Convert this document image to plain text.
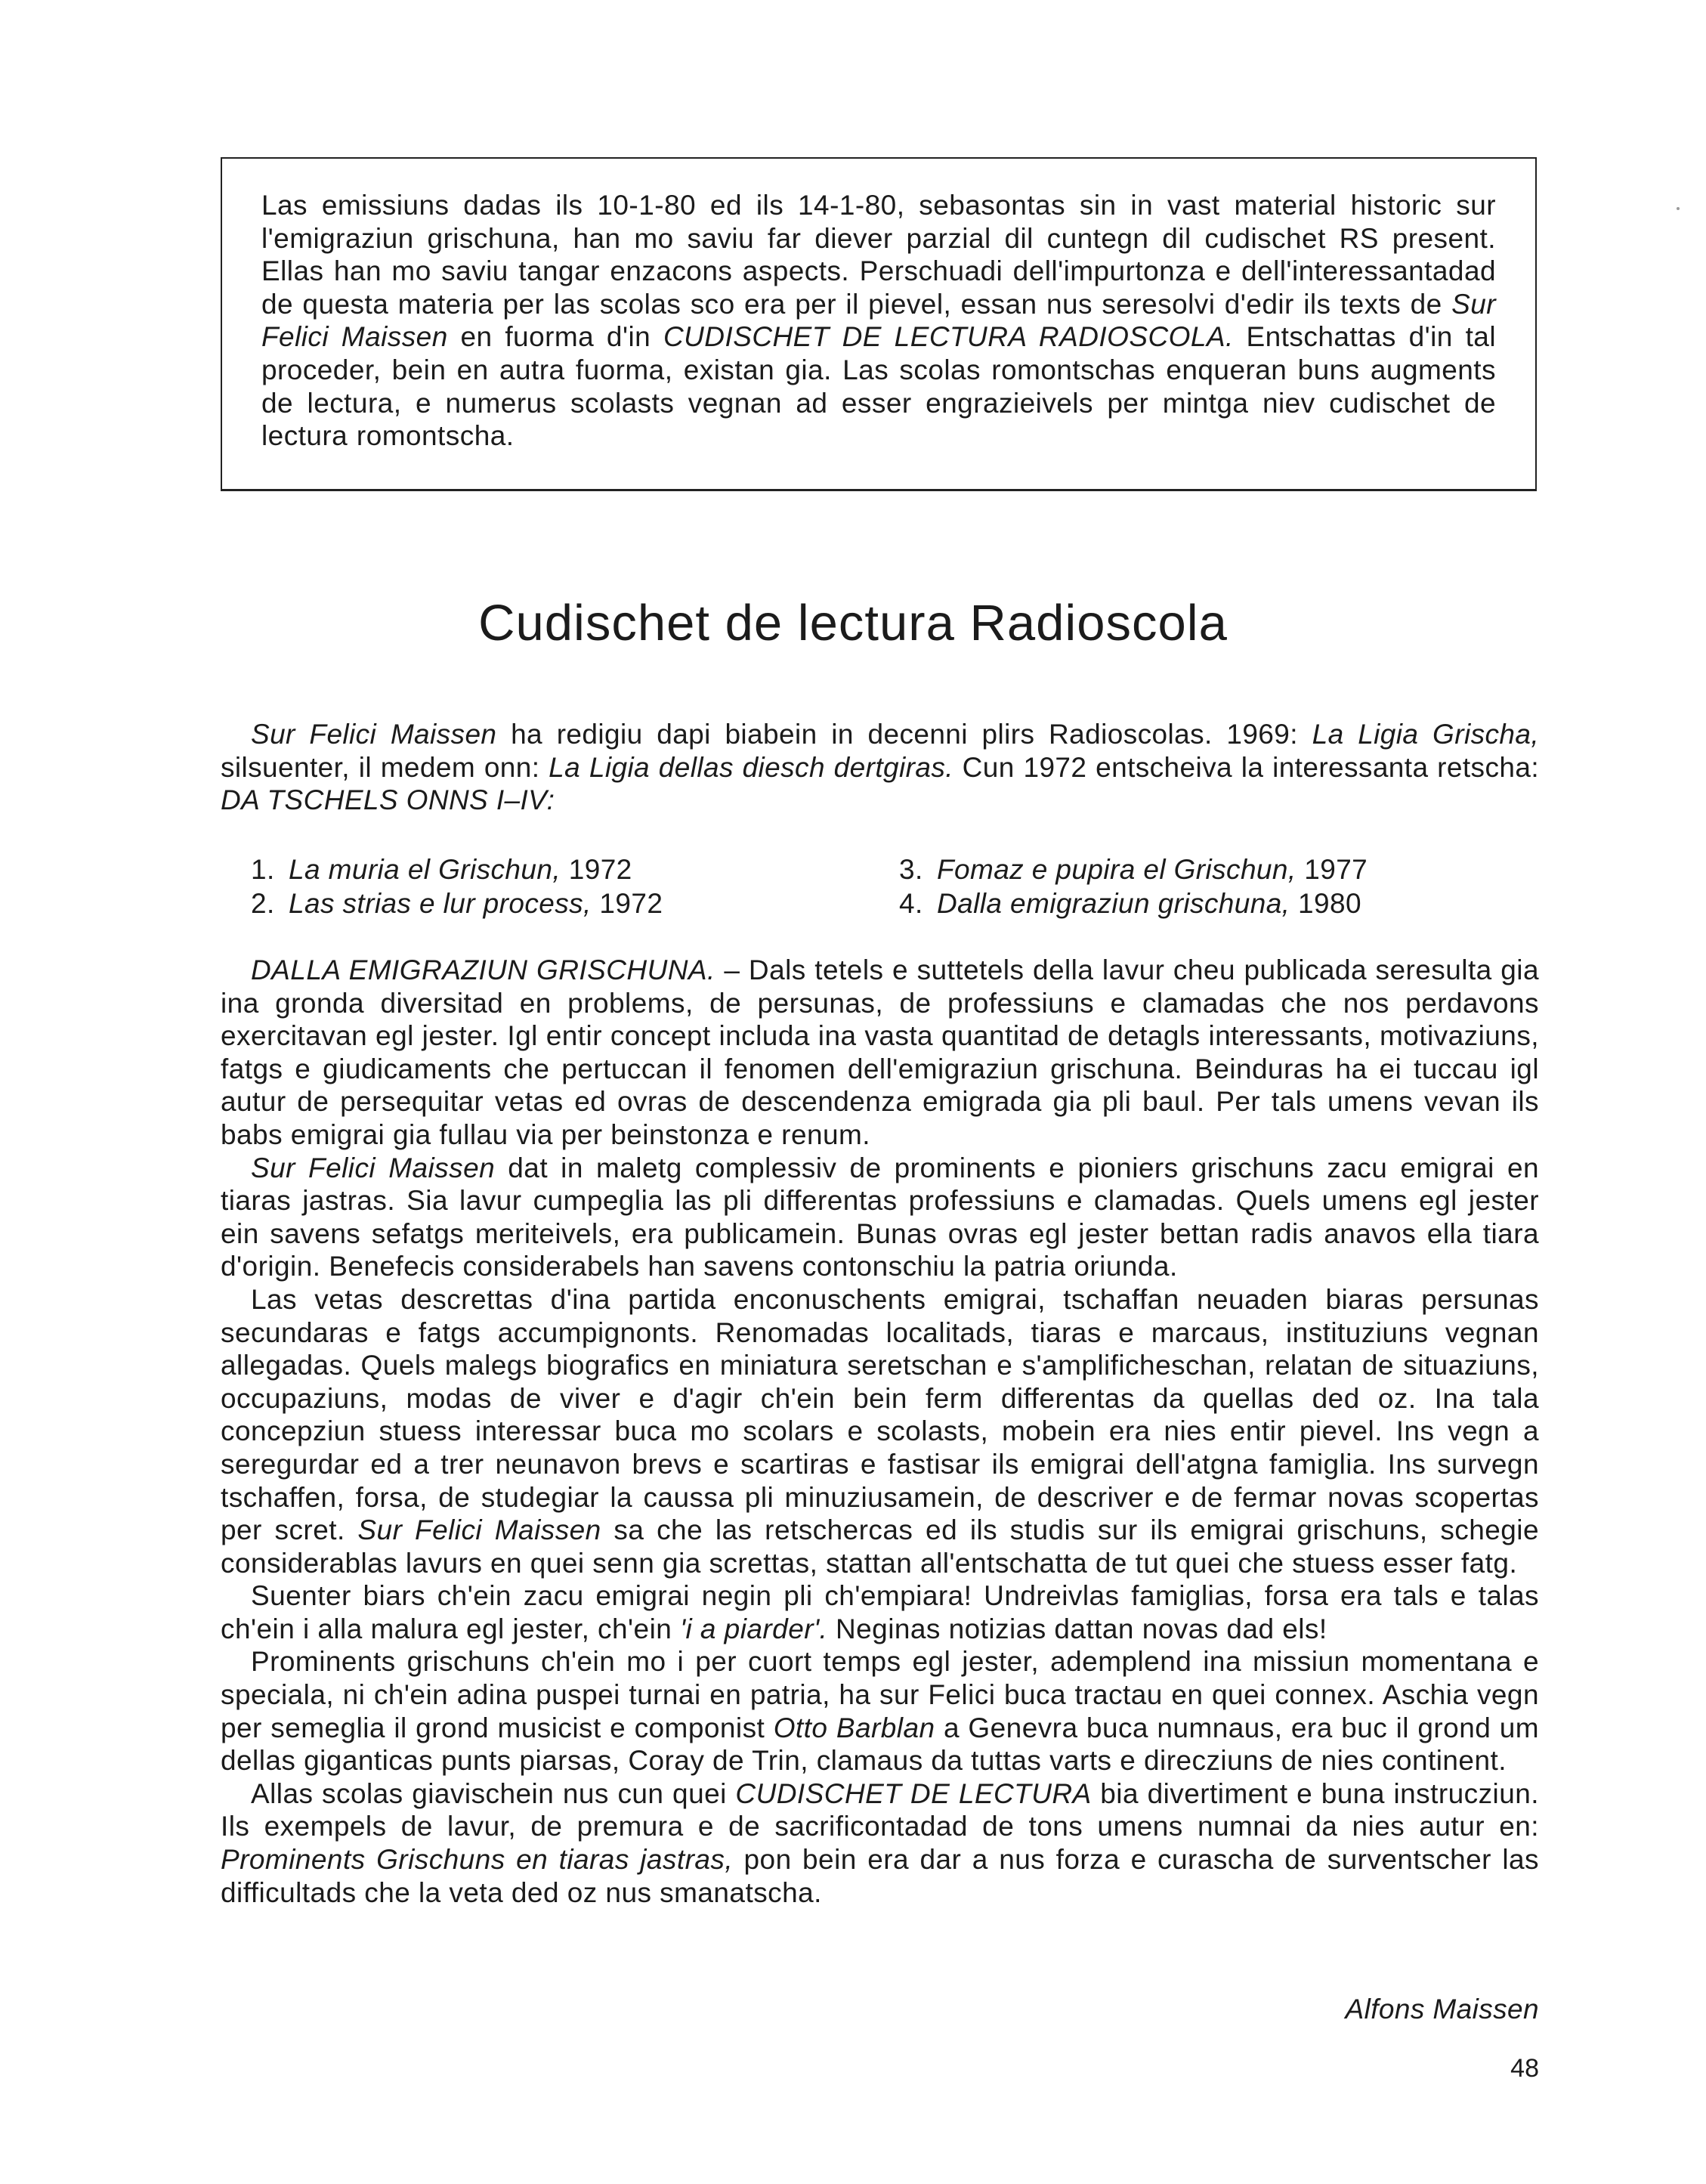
Las emissiuns dadas ils 10-1-80 ed ils 14-1-80, sebasontas sin in vast material historic sur l'emigraziun grischuna, han mo saviu far diever parzial dil cuntegn dil cudischet RS present. Ellas han mo saviu tangar enzacons aspects. Perschuadi dell'impurtonza e dell'interessantadad de questa materia per las scolas sco era per il pievel, essan nus seresolvi d'edir ils texts de Sur Felici Maissen en fuorma d'in CUDISCHET DE LECTURA RADIOSCOLA. Entschattas d'in tal proceder, bein en autra fuorma, existan gia. Las scolas romontschas enqueran buns augments de lectura, e numerus scolasts vegnan ad esser engrazieivels per mintga niev cudischet de lectura romontscha.

Cudischet de lectura Radioscola

Sur Felici Maissen ha redigiu dapi biabein in decenni plirs Radioscolas. 1969: La Ligia Grischa, silsuenter, il medem onn: La Ligia dellas diesch dertgiras. Cun 1972 entscheiva la interessanta retscha: DA TSCHELS ONNS I–IV:

1. La muria el Grischun, 1972
2. Las strias e lur process, 1972
3. Fomaz e pupira el Grischun, 1977
4. Dalla emigraziun grischuna, 1980

DALLA EMIGRAZIUN GRISCHUNA. – Dals tetels e suttetels della lavur cheu publicada seresulta gia ina gronda diversitad en problems, de persunas, de professiuns e clamadas che nos perdavons exercitavan egl jester. Igl entir concept includa ina vasta quantitad de detagls interessants, motivaziuns, fatgs e giudicaments che pertuccan il fenomen dell'emigraziun grischuna. Beinduras ha ei tuccau igl autur de persequitar vetas ed ovras de descendenza emigrada gia pli baul. Per tals umens vevan ils babs emigrai gia fullau via per beinstonza e renum.

Sur Felici Maissen dat in maletg complessiv de prominents e pioniers grischuns zacu emigrai en tiaras jastras. Sia lavur cumpeglia las pli differentas professiuns e clamadas. Quels umens egl jester ein savens sefatgs meriteivels, era publicamein. Bunas ovras egl jester bettan radis anavos ella tiara d'origin. Benefecis considerabels han savens contonschiu la patria oriunda.

Las vetas descrettas d'ina partida enconuschents emigrai, tschaffan neuaden biaras persunas secundaras e fatgs accumpignonts. Renomadas localitads, tiaras e marcaus, instituziuns vegnan allegadas. Quels malegs biografics en miniatura seretschan e s'amplificheschan, relatan de situaziuns, occupaziuns, modas de viver e d'agir ch'ein bein ferm differentas da quellas ded oz. Ina tala concepziun stuess interessar buca mo scolars e scolasts, mobein era nies entir pievel. Ins vegn a seregurdar ed a trer neunavon brevs e scartiras e fastisar ils emigrai dell'atgna famiglia. Ins survegn tschaffen, forsa, de studegiar la caussa pli minuziusamein, de descriver e de fermar novas scopertas per scret. Sur Felici Maissen sa che las retschercas ed ils studis sur ils emigrai grischuns, schegie considerablas lavurs en quei senn gia screttas, stattan all'entschatta de tut quei che stuess esser fatg.

Suenter biars ch'ein zacu emigrai negin pli ch'empiara! Undreivlas famiglias, forsa era tals e talas ch'ein i alla malura egl jester, ch'ein 'i a piarder'. Neginas notizias dattan novas dad els!

Prominents grischuns ch'ein mo i per cuort temps egl jester, ademplend ina missiun momentana e speciala, ni ch'ein adina puspei turnai en patria, ha sur Felici buca tractau en quei connex. Aschia vegn per semeglia il grond musicist e componist Otto Barblan a Genevra buca numnaus, era buc il grond um dellas giganticas punts piarsas, Coray de Trin, clamaus da tuttas varts e direcziuns de nies continent.

Allas scolas giavischein nus cun quei CUDISCHET DE LECTURA bia divertiment e buna instrucziun. Ils exempels de lavur, de premura e de sacrificontadad de tons umens numnai da nies autur en: Prominents Grischuns en tiaras jastras, pon bein era dar a nus forza e curascha de surventscher las difficultads che la veta ded oz nus smanatscha.

Alfons Maissen
48
